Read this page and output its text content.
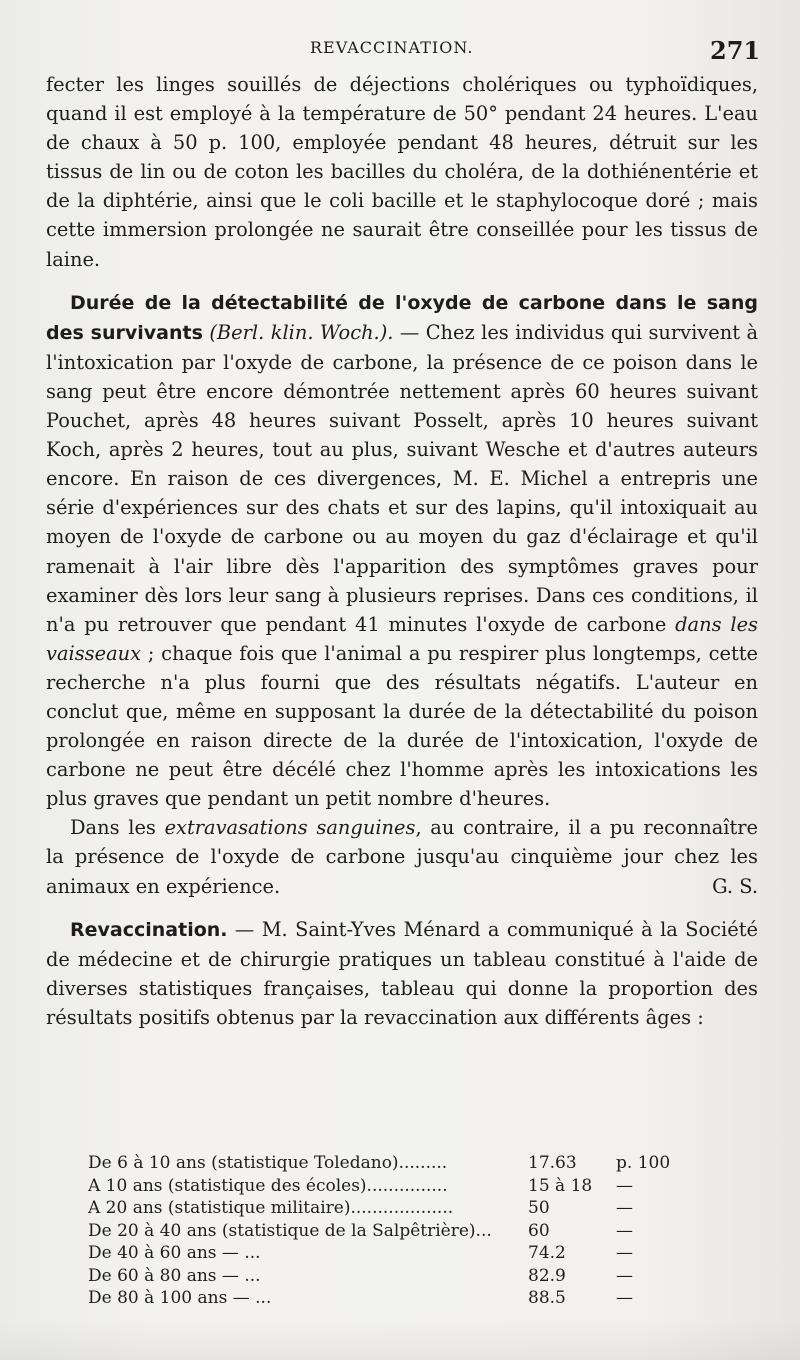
REVACCINATION.	271

fecter les linges souillés de déjections cholériques ou typhoïdiques, quand il est employé à la température de 50° pendant 24 heures. L'eau de chaux à 50 p. 100, employée pendant 48 heures, détruit sur les tissus de lin ou de coton les bacilles du choléra, de la dothiénentérie et de la diphtérie, ainsi que le coli bacille et le staphylocoque doré ; mais cette immersion prolongée ne saurait être conseillée pour les tissus de laine.

Durée de la détectabilité de l'oxyde de carbone dans le sang des survivants (Berl. klin. Woch.). — Chez les individus qui survivent à l'intoxication par l'oxyde de carbone, la présence de ce poison dans le sang peut être encore démontrée nettement après 60 heures suivant Pouchet, après 48 heures suivant Posselt, après 10 heures suivant Koch, après 2 heures, tout au plus, suivant Wesche et d'autres auteurs encore. En raison de ces divergences, M. E. Michel a entrepris une série d'expériences sur des chats et sur des lapins, qu'il intoxiquait au moyen de l'oxyde de carbone ou au moyen du gaz d'éclairage et qu'il ramenait à l'air libre dès l'apparition des symptômes graves pour examiner dès lors leur sang à plusieurs reprises. Dans ces conditions, il n'a pu retrouver que pendant 41 minutes l'oxyde de carbone dans les vaisseaux ; chaque fois que l'animal a pu respirer plus longtemps, cette recherche n'a plus fourni que des résultats négatifs. L'auteur en conclut que, même en supposant la durée de la détectabilité du poison prolongée en raison directe de la durée de l'intoxication, l'oxyde de carbone ne peut être décélé chez l'homme après les intoxications les plus graves que pendant un petit nombre d'heures.

Dans les extravasations sanguines, au contraire, il a pu reconnaître la présence de l'oxyde de carbone jusqu'au cinquième jour chez les animaux en expérience.	G. S.

Revaccination. — M. Saint-Yves Ménard a communiqué à la Société de médecine et de chirurgie pratiques un tableau constitué à l'aide de diverses statistiques françaises, tableau qui donne la proportion des résultats positifs obtenus par la revaccination aux différents âges :

De 6 à 10 ans (statistique Toledano).........	17.63	p. 100
A 10 ans (statistique des écoles)...............	15 à 18	—
A 20 ans (statistique militaire)...................	50	—
De 20 à 40 ans (statistique de la Salpêtrière)...	60	—
De 40 à 60 ans — ...	74.2	—
De 60 à 80 ans — ...	82.9	—
De 80 à 100 ans — ...	88.5	—
